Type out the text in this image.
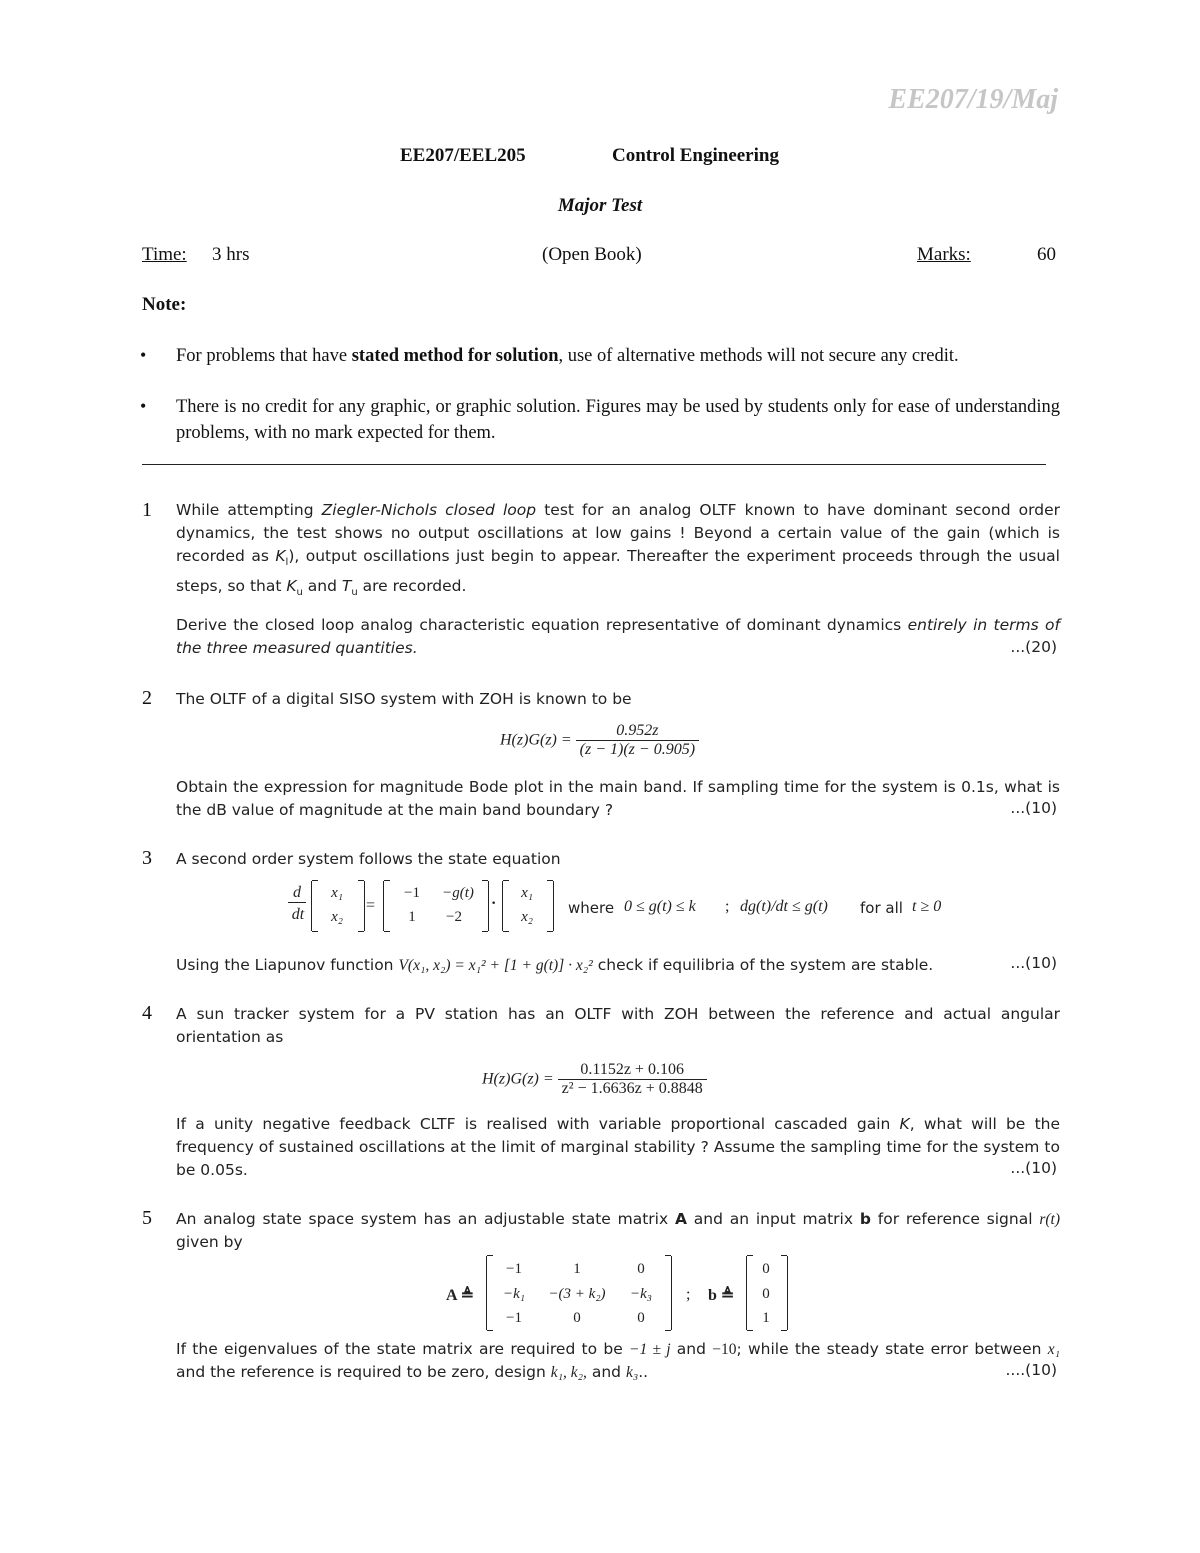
EE207/19/Maj
EE207/EEL205	Control Engineering
Major Test
Time: 3 hrs	(Open Book)	Marks:	60
Note:
• For problems that have stated method for solution, use of alternative methods will not secure any credit.
• There is no credit for any graphic, or graphic solution. Figures may be used by students only for ease of understanding problems, with no mark expected for them.
1 While attempting Ziegler-Nichols closed loop test for an analog OLTF known to have dominant second order dynamics, the test shows no output oscillations at low gains ! Beyond a certain value of the gain (which is recorded as $K_l$), output oscillations just begin to appear. Thereafter the experiment proceeds through the usual steps, so that $K_u$ and $T_u$ are recorded.
Derive the closed loop analog characteristic equation representative of dominant dynamics entirely in terms of the three measured quantities.	...(20)
2 The OLTF of a digital SISO system with ZOH is known to be
$H(z)G(z) = \frac{0.952z}{(z - 1)(z - 0.905)}$
Obtain the expression for magnitude Bode plot in the main band. If sampling time for the system is 0.1s, what is the dB value of magnitude at the main band boundary ?	...(10)
3 A second order system follows the state equation
d
dt
x₁
x₂
=
−1	−g(t)
1	−2
·
x₁
x₂	where 0 ≤ g(t) ≤ k ; dg(t)/dt ≤ g(t) for all t ≥ 0
Using the Liapunov function V(x₁, x₂) = x₁² + [1 + g(t)] · x₂² check if equilibria of the system are stable.	...(10)
4 A sun tracker system for a PV station has an OLTF with ZOH between the reference and actual angular orientation as
$H(z)G(z) = \frac{0.1152z + 0.106}{\text{z² − 1.6636z + 0.8848}}$
If a unity negative feedback CLTF is realised with variable proportional cascaded gain K, what will be the frequency of sustained oscillations at the limit of marginal stability ? Assume the sampling time for the system to be 0.05s.	...(10)
5 An analog state space system has an adjustable state matrix A and an input matrix b for reference signal r(t) given by
A ≜
−1	1	0
−k₁	−(3 + k₂)	−k₃
−1	0	0
; b ≜
0
0
1
If the eigenvalues of the state matrix are required to be −1 ± j and −10; while the steady state error between x₁ and the reference is required to be zero, design k₁, k₂, and k₃..	....(10)
